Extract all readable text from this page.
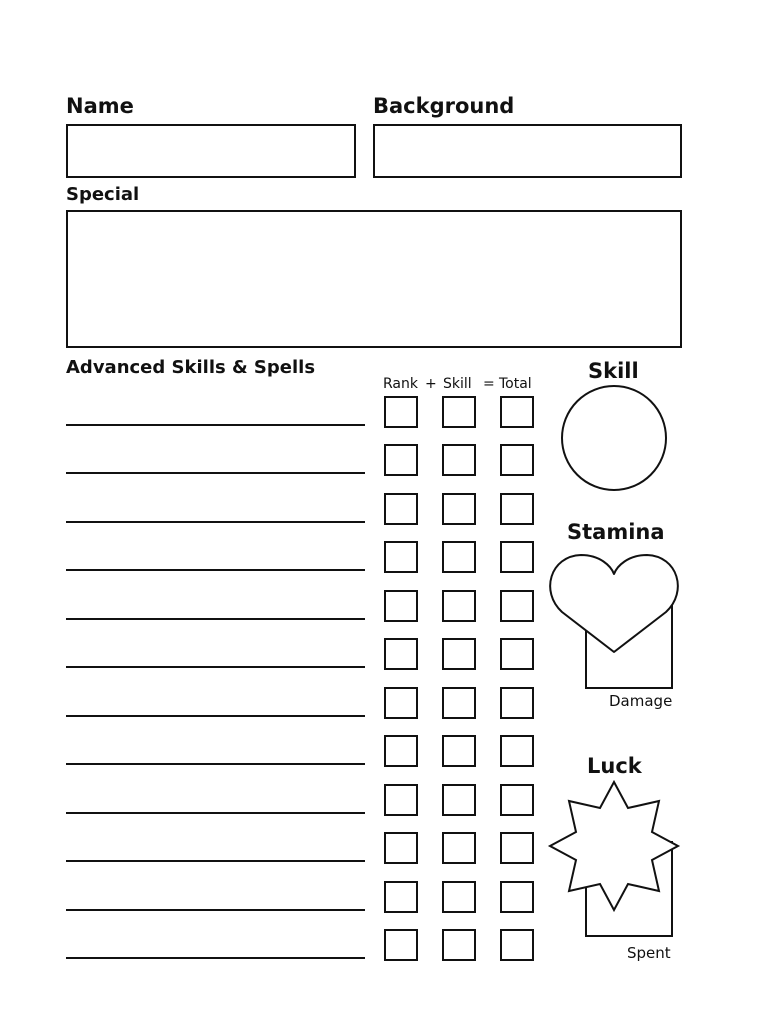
Name	Background
Special
Advanced Skills & Spells
Rank + Skill = Total
Skill
Stamina
Damage
Luck
Spent
